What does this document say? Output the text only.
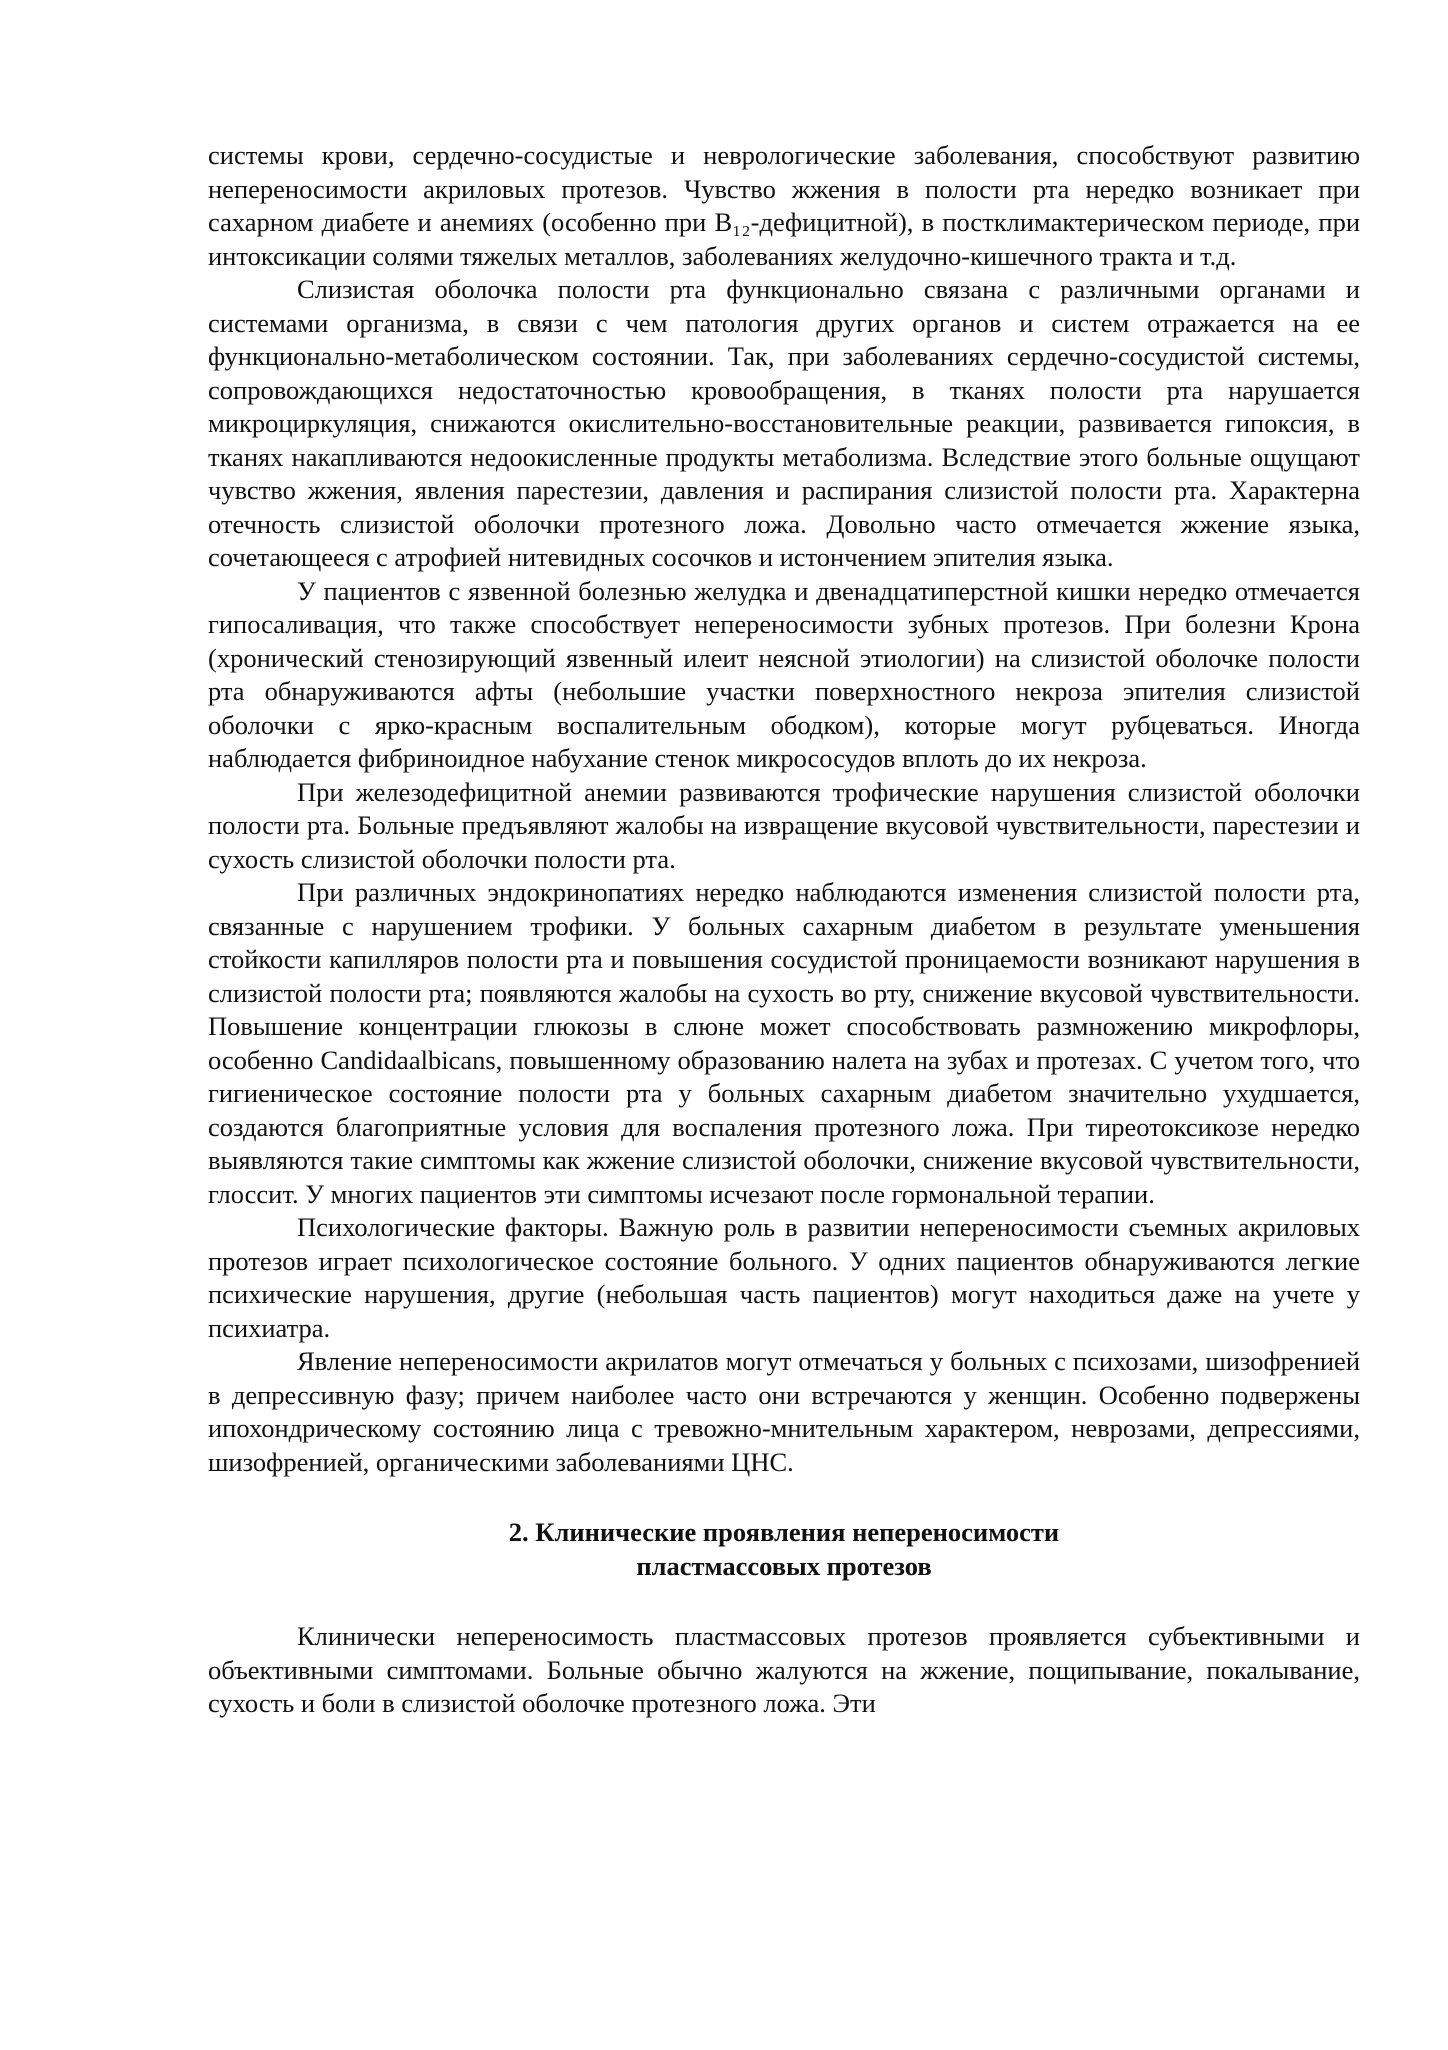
системы крови, сердечно-сосудистые и неврологические заболевания, способствуют развитию непереносимости акриловых протезов. Чувство жжения в полости рта нередко возникает при сахарном диабете и анемиях (особенно при B₁₂-дефицитной), в постклимактерическом периоде, при интоксикации солями тяжелых металлов, заболеваниях желудочно-кишечного тракта и т.д.

Слизистая оболочка полости рта функционально связана с различными органами и системами организма, в связи с чем патология других органов и систем отражается на ее функционально-метаболическом состоянии. Так, при заболеваниях сердечно-сосудистой системы, сопровождающихся недостаточностью кровообращения, в тканях полости рта нарушается микроциркуляция, снижаются окислительно-восстановительные реакции, развивается гипоксия, в тканях накапливаются недоокисленные продукты метаболизма. Вследствие этого больные ощущают чувство жжения, явления парестезии, давления и распирания слизистой полости рта. Характерна отечность слизистой оболочки протезного ложа. Довольно часто отмечается жжение языка, сочетающееся с атрофией нитевидных сосочков и истончением эпителия языка.

У пациентов с язвенной болезнью желудка и двенадцатиперстной кишки нередко отмечается гипосаливация, что также способствует непереносимости зубных протезов. При болезни Крона (хронический стенозирующий язвенный илеит неясной этиологии) на слизистой оболочке полости рта обнаруживаются афты (небольшие участки поверхностного некроза эпителия слизистой оболочки с ярко-красным воспалительным ободком), которые могут рубцеваться. Иногда наблюдается фибриноидное набухание стенок микрососудов вплоть до их некроза.

При железодефицитной анемии развиваются трофические нарушения слизистой оболочки полости рта. Больные предъявляют жалобы на извращение вкусовой чувствительности, парестезии и сухость слизистой оболочки полости рта.

При различных эндокринопатиях нередко наблюдаются изменения слизистой полости рта, связанные с нарушением трофики. У больных сахарным диабетом в результате уменьшения стойкости капилляров полости рта и повышения сосудистой проницаемости возникают нарушения в слизистой полости рта; появляются жалобы на сухость во рту, снижение вкусовой чувствительности. Повышение концентрации глюкозы в слюне может способствовать размножению микрофлоры, особенно Candidaalbicans, повышенному образованию налета на зубах и протезах. С учетом того, что гигиеническое состояние полости рта у больных сахарным диабетом значительно ухудшается, создаются благоприятные условия для воспаления протезного ложа. При тиреотоксикозе нередко выявляются такие симптомы как жжение слизистой оболочки, снижение вкусовой чувствительности, глоссит. У многих пациентов эти симптомы исчезают после гормональной терапии.

Психологические факторы. Важную роль в развитии непереносимости съемных акриловых протезов играет психологическое состояние больного. У одних пациентов обнаруживаются легкие психические нарушения, другие (небольшая часть пациентов) могут находиться даже на учете у психиатра.

Явление непереносимости акрилатов могут отмечаться у больных с психозами, шизофренией в депрессивную фазу; причем наиболее часто они встречаются у женщин. Особенно подвержены ипохондрическому состоянию лица с тревожно-мнительным характером, неврозами, депрессиями, шизофренией, органическими заболеваниями ЦНС.

2. Клинические проявления непереносимости
пластмассовых протезов

Клинически непереносимость пластмассовых протезов проявляется субъективными и объективными симптомами. Больные обычно жалуются на жжение, пощипывание, покалывание, сухость и боли в слизистой оболочке протезного ложа. Эти
